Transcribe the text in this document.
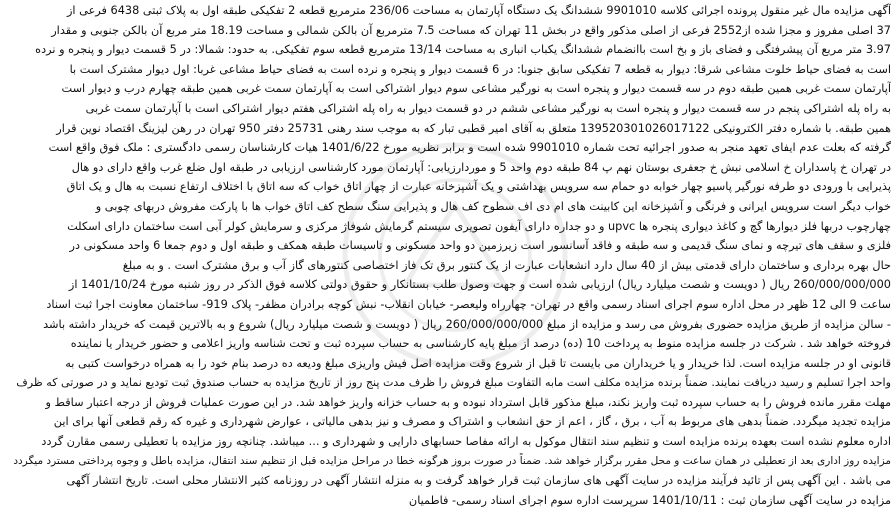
آگهی مزایده مال غیر منقول پرونده اجرائی کلاسه 9901010 ششدانگ یک دستگاه آپارتمان به مساحت 236/06 مترمربع قطعه 2 تفکیکی طبقه اول به پلاک ثبتی 6438 فرعی از
37 اصلی مفروز و مجزا شده از2552 فرعی از اصلی مذکور واقع در بخش 11 تهران که مساحت 7.5 مترمربع آن بالکن شمالی و مساحت 18.19 متر مربع آن بالکن جنوبی و مقدار
3.97 متر مربع آن پیشرفتگی و فضای باز و بخ است باانضمام ششدانگ یکباب انباری به مساحت 13/14 مترمربع قطعه سوم تفکیکی. به حدود: شمالا: در 5 قسمت دیوار و پنجره و نرده
است به فضای حیاط خلوت مشاعی شرقا: دیوار به قطعه 7 تفکیکی سابق جنوبا: در 6 قسمت دیوار و پنجره و نرده است به فضای حیاط مشاعی غربا: اول دیوار مشترک است با
آپارتمان سمت غربی همین طبقه دوم در سه قسمت دیوار و پنجره است به نورگیر مشاعی سوم دیوار اشتراکی است به آپارتمان سمت غربی همین طبقه چهارم درب و دیوار است
به راه پله اشتراکی پنجم در سه قسمت دیوار و پنجره است به نورگیر مشاعی ششم در دو قسمت دیوار به راه پله اشتراکی هفتم دیوار اشتراکی است با آپارتمان سمت غربی
همین طبقه. با شماره دفتر الکترونیکی 139520301026017122 متعلق به آقای امیر قطبی تبار که به موجب سند رهنی 25731 دفتر 950 تهران در رهن لیزینگ اقتصاد نوین قرار
گرفته که بعلت عدم ایفای تعهد منجر به صدور اجرائیه تحت شماره 9901010 شده است و برابر نظریه مورخ 1401/6/22 هیات کارشناسان رسمی دادگستری : ملک فوق واقع است
در تهران خ پاسداران خ اسلامی نبش خ جعفری بوستان نهم پ 84 طبقه دوم واحد 5 و موردارزیابی: آپارتمان مورد کارشناسی ارزیابی در طبقه اول ضلع غرب واقع دارای دو هال
پذیرایی با ورودی دو طرفه نورگیر پاسیو چهار خوابه دو حمام سه سرویس بهداشتی و یک آشپزخانه عبارت از چهار اتاق خواب که سه اتاق با اختلاف ارتفاع نسبت به هال و یک اتاق
خواب دیگر است سرویس ایرانی و فرنگی و آشپزخانه این کابینت های ام دی اف سطوح کف هال و پذیرایی سنگ سطح کف اتاق خواب ها با پارکت مفروش دربهای چوبی و
چهارچوب دربها فلز دیوارها گچ و کاغذ دیواری پنجره ها upvc و دو جداره دارای آیفون تصویری سیستم گرمایش شوفاژ مرکزی و سرمایش کولر آبی است ساختمان دارای اسکلت
فلزی و سقف های تیرچه و نمای سنگ قدیمی و سه طبقه و فاقد آسانسور است زیرزمین دو واحد مسکونی و تاسیسات طبقه همکف و طبقه اول و دوم جمعا 6 واحد مسکونی در
حال بهره برداری و ساختمان دارای قدمتی بیش از 40 سال دارد انشعابات عبارت از یک کنتور برق تک فاز اختصاصی کنتورهای گاز آب و برق مشترک است . و به مبلغ
260/000/000/000 ریال ( دویست و شصت میلیارد ریال) ارزیابی شده است و جهت وصول طلب بستانکار و حقوق دولتی کلاسه فوق الذکر در روز شنبه مورخ 1401/10/24 از
ساعت 9 الی 12 ظهر در محل اداره سوم اجرای اسناد رسمی واقع در تهران- چهارراه ولیعصر- خیابان انقلاب- نبش کوچه برادران مظفر- پلاک 919- ساختمان معاونت اجرا ثبت اسناد
- سالن مزایده از طریق مزایده حضوری بفروش می رسد و مزایده از مبلغ 260/000/000/000 ریال ( دویست و شصت میلیارد ریال) شروع و به بالاترین قیمت که خریدار داشته باشد
فروخته خواهد شد . شرکت در جلسه مزایده منوط به پرداخت 10 (ده) درصد از مبلغ پایه کارشناسی به حساب سپرده ثبت و تحت شناسه واریز اعلامی و حضور خریدار یا نماینده
قانونی او در جلسه مزایده است. لذا خریدار و یا خریداران می بایست تا قبل از شروع وقت مزایده اصل فیش واریزی مبلغ ودیعه ده درصد بنام خود را به همراه درخواست کتبی به
واحد اجرا تسلیم و رسید دریافت نمایند. ضمناً برنده مزایده مکلف است مابه التفاوت مبلغ فروش را ظرف مدت پنج روز از تاریخ مزایده به حساب صندوق ثبت تودیع نماید و در صورتی که ظرف
مهلت مقرر مانده فروش را به حساب سپرده ثبت واریز نکند، مبلغ مذکور قابل استرداد نبوده و به حساب خزانه واریز خواهد شد. در این صورت عملیات فروش از درجه اعتبار ساقط و
مزایده تجدید میگردد. ضمناً بدهی های مربوط به آب ، برق ، گاز ، اعم از حق انشعاب و اشتراک و مصرف و نیز بدهی مالیاتی ، عوارض شهرداری و غیره که رقم قطعی آنها برای این
اداره معلوم نشده است بعهده برنده مزایده است و تنظیم سند انتقال موکول به ارائه مفاصا حسابهای دارایی و شهرداری و ... میباشد. چنانچه روز مزایده با تعطیلی رسمی مقارن گردد
مزایده روز اداری بعد از تعطیلی در همان ساعت و محل مقرر برگزار خواهد شد. ضمناً در صورت بروز هرگونه خطا در مراحل مزایده قبل از تنظیم سند انتقال، مزایده باطل و وجوه پرداختی مسترد میگردد
می باشد . این آگهی پس از تائید فرآیند مزایده در سایت آگهی های سازمان ثبت قرار خواهد گرفت و به منزله انتشار آگهی در روزنامه کثیر الانتشار محلی است. تاریخ انتشار آگهی
مزایده در سایت آگهی سازمان ثبت : 1401/10/11 سرپرست اداره سوم اجرای اسناد رسمی- فاطمیان
